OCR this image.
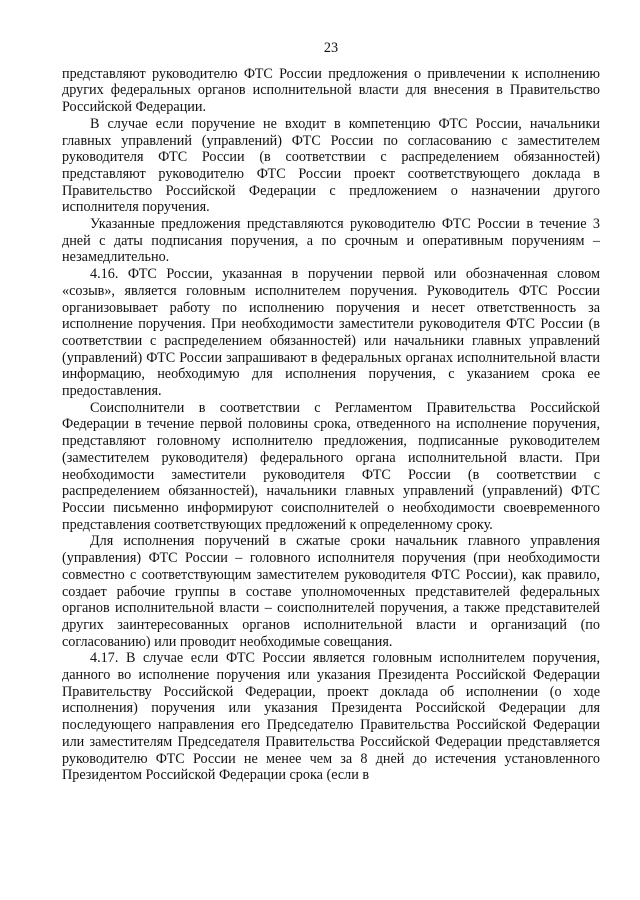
23

представляют руководителю ФТС России предложения о привлечении к исполнению других федеральных органов исполнительной власти для внесения в Правительство Российской Федерации.

В случае если поручение не входит в компетенцию ФТС России, начальники главных управлений (управлений) ФТС России по согласованию с заместителем руководителя ФТС России (в соответствии с распределением обязанностей) представляют руководителю ФТС России проект соответствующего доклада в Правительство Российской Федерации с предложением о назначении другого исполнителя поручения.

Указанные предложения представляются руководителю ФТС России в течение 3 дней с даты подписания поручения, а по срочным и оперативным поручениям – незамедлительно.

4.16. ФТС России, указанная в поручении первой или обозначенная словом «созыв», является головным исполнителем поручения. Руководитель ФТС России организовывает работу по исполнению поручения и несет ответственность за исполнение поручения. При необходимости заместители руководителя ФТС России (в соответствии с распределением обязанностей) или начальники главных управлений (управлений) ФТС России запрашивают в федеральных органах исполнительной власти информацию, необходимую для исполнения поручения, с указанием срока ее предоставления.

Соисполнители в соответствии с Регламентом Правительства Российской Федерации в течение первой половины срока, отведенного на исполнение поручения, представляют головному исполнителю предложения, подписанные руководителем (заместителем руководителя) федерального органа исполнительной власти. При необходимости заместители руководителя ФТС России (в соответствии с распределением обязанностей), начальники главных управлений (управлений) ФТС России письменно информируют соисполнителей о необходимости своевременного представления соответствующих предложений к определенному сроку.

Для исполнения поручений в сжатые сроки начальник главного управления (управления) ФТС России – головного исполнителя поручения (при необходимости совместно с соответствующим заместителем руководителя ФТС России), как правило, создает рабочие группы в составе уполномоченных представителей федеральных органов исполнительной власти – соисполнителей поручения, а также представителей других заинтересованных органов исполнительной власти и организаций (по согласованию) или проводит необходимые совещания.

4.17. В случае если ФТС России является головным исполнителем поручения, данного во исполнение поручения или указания Президента Российской Федерации Правительству Российской Федерации, проект доклада об исполнении (о ходе исполнения) поручения или указания Президента Российской Федерации для последующего направления его Председателю Правительства Российской Федерации или заместителям Председателя Правительства Российской Федерации представляется руководителю ФТС России не менее чем за 8 дней до истечения установленного Президентом Российской Федерации срока (если в
